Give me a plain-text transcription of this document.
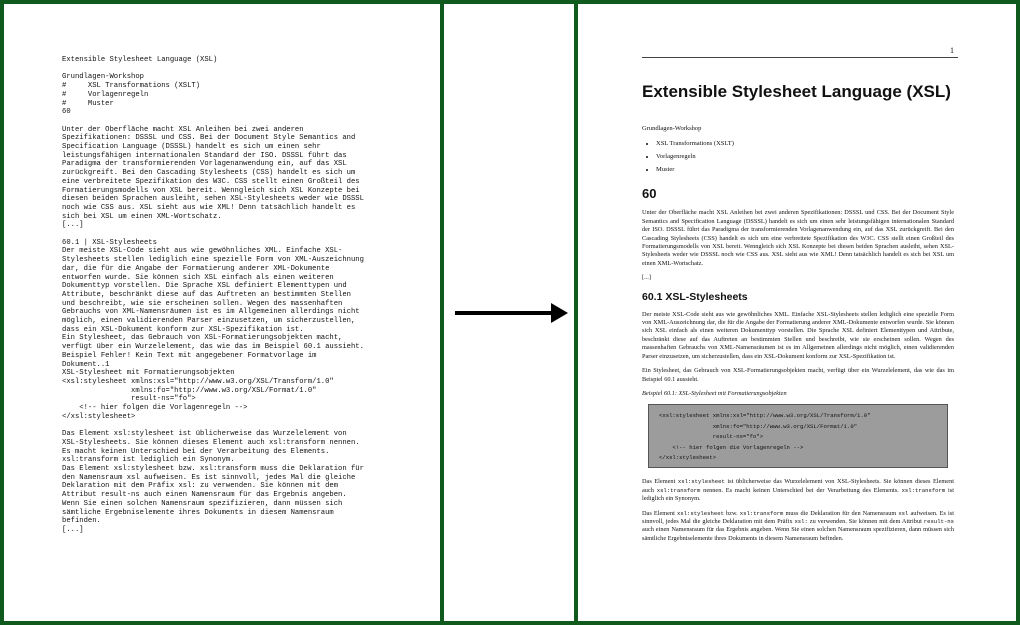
Extensible Stylesheet Language (XSL)
Grundlagen-Workshop
#     XSL Transformations (XSLT)
#     Vorlagenregeln
#     Muster
60
Unter der Oberfläche macht XSL Anleihen bei zwei anderen
Spezifikationen: DSSSL und CSS. Bei der Document Style Semantics and
Specification Language (DSSSL) handelt es sich um einen sehr
leistungsfähigen internationalen Standard der ISO. DSSSL führt das
Paradigma der transformierenden Vorlagenanwendung ein, auf das XSL
zurückgreift. Bei den Cascading Stylesheets (CSS) handelt es sich um
eine verbreitete Spezifikation des W3C. CSS stellt einen Großteil des
Formatierungsmodells von XSL bereit. Wenngleich sich XSL Konzepte bei
diesen beiden Sprachen ausleiht, sehen XSL-Stylesheets weder wie DSSSL
noch wie CSS aus. XSL sieht aus wie XML! Denn tatsächlich handelt es
sich bei XSL um einen XML-Wortschatz.
[...]
60.1 | XSL-Stylesheets
Der meiste XSL-Code sieht aus wie gewöhnliches XML. Einfache XSL-
Stylesheets stellen lediglich eine spezielle Form von XML-Auszeichnung
dar, die für die Angabe der Formatierung anderer XML-Dokumente
entworfen wurde. Sie können sich XSL einfach als einen weiteren
Dokumenttyp vorstellen. Die Sprache XSL definiert Elementtypen und
Attribute, beschränkt diese auf das Auftreten an bestimmten Stellen
und beschreibt, wie sie erscheinen sollen. Wegen des massenhaften
Gebrauchs von XML-Namensräumen ist es im Allgemeinen allerdings nicht
möglich, einen validierenden Parser einzusetzen, um sicherzustellen,
dass ein XSL-Dokument konform zur XSL-Spezifikation ist.
Ein Stylesheet, das Gebrauch von XSL-Formatierungsobjekten macht,
verfügt über ein Wurzelelement, das wie das im Beispiel 60.1 aussieht.
Beispiel Fehler! Kein Text mit angegebener Formatvorlage im
Dokument..1
XSL-Stylesheet mit Formatierungsobjekten
<xsl:stylesheet xmlns:xsl="http://www.w3.org/XSL/Transform/1.0"
xmlns:fo="http://www.w3.org/XSL/Format/1.0"
result-ns="fo">
<!-- hier folgen die Vorlagenregeln -->
</xsl:stylesheet>
Das Element xsl:stylesheet ist üblicherweise das Wurzelelement von
XSL-Stylesheets. Sie können dieses Element auch xsl:transform nennen.
Es macht keinen Unterschied bei der Verarbeitung des Elements.
xsl:transform ist lediglich ein Synonym.
Das Element xsl:stylesheet bzw. xsl:transform muss die Deklaration für
den Namensraum xsl aufweisen. Es ist sinnvoll, jedes Mal die gleiche
Deklaration mit dem Präfix xsl: zu verwenden. Sie können mit dem
Attribut result-ns auch einen Namensraum für das Ergebnis angeben.
Wenn Sie einen solchen Namensraum spezifizieren, dann müssen sich
sämtliche Ergebniselemente ihres Dokuments in diesem Namensraum
befinden.
[...]
1
Extensible Stylesheet Language (XSL)

Grundlagen-Workshop

• XSL Transformations (XSLT)
• Vorlagenregeln
• Muster
60

Unter der Oberfläche macht XSL Anleihen bei zwei anderen Spezifikationen: DSSSL und CSS. Bei der Document Style Semantics and Specification Language (DSSSL) handelt es sich um einen sehr leistungsfähigen internationalen Standard der ISO. DSSSL führt das Paradigma der transformierenden Vorlagenanwendung ein, auf das XSL zurückgreift. Bei den Cascading Stylesheets (CSS) handelt es sich um eine verbreitete Spezifikation des W3C. CSS stellt einen Großteil des Formatierungsmodells von XSL bereit. Wenngleich sich XSL Konzepte bei diesen beiden Sprachen ausleiht, sehen XSL-Stylesheets weder wie DSSSL noch wie CSS aus. XSL sieht aus wie XML! Denn tatsächlich handelt es sich bei XSL um einen XML-Wortschatz.

[...]

60.1 XSL-Stylesheets

Der meiste XSL-Code sieht aus wie gewöhnliches XML. Einfache XSL-Stylesheets stellen lediglich eine spezielle Form von XML-Auszeichnung dar, die für die Angabe der Formatierung anderer XML-Dokumente entworfen wurde. Sie können sich XSL einfach als einen weiteren Dokumenttyp vorstellen. Die Sprache XSL definiert Elementtypen und Attribute, beschränkt diese auf das Auftreten an bestimmten Stellen und beschreibt, wie sie erscheinen sollen. Wegen des massenhaften Gebrauchs von XML-Namensräumen ist es im Allgemeinen allerdings nicht möglich, einen validierenden Parser einzusetzen, um sicherzustellen, dass ein XSL-Dokument konform zur XSL-Spezifikation ist.

Ein Stylesheet, das Gebrauch von XSL-Formatierungsobjekten macht, verfügt über ein Wurzelelement, das wie das im Beispiel 60.1 aussieht.

Beispiel 60.1: XSL-Stylesheet mit Formatierungsobjekten

<xsl:stylesheet xmlns:xsl="http://www.w3.org/XSL/Transform/1.0"
xmlns:fo="http://www.w3.org/XSL/Format/1.0"
result-ns="fo">
<!-- hier folgen die Vorlagenregeln -->
</xsl:stylesheet>

Das Element xsl:stylesheet ist üblicherweise das Wurzelelement von XSL-Stylesheets. Sie können dieses Element auch xsl:transform nennen. Es macht keinen Unterschied bei der Verarbeitung des Elements. xsl:transform ist lediglich ein Synonym.

Das Element xsl:stylesheet bzw. xsl:transform muss die Deklaration für den Namensraum xsl aufweisen. Es ist sinnvoll, jedes Mal die gleiche Deklaration mit dem Präfix xsl: zu verwenden. Sie können mit dem Attribut result-ns auch einen Namensraum für das Ergebnis angeben. Wenn Sie einen solchen Namensraum spezifizieren, dann müssen sich sämtliche Ergebniselemente ihres Dokuments in diesem Namensraum befinden.
